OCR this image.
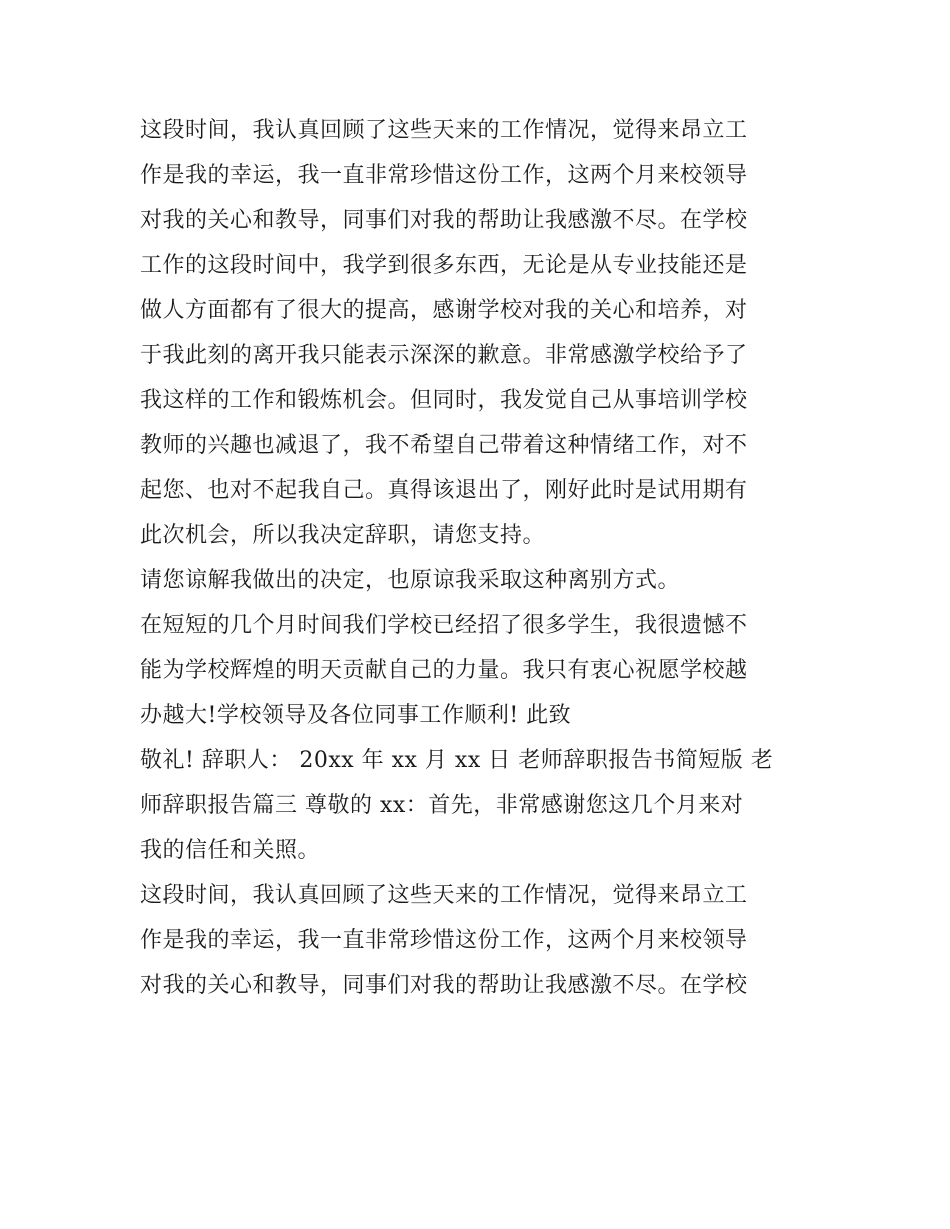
这段时间，我认真回顾了这些天来的工作情况，觉得来昂立工
作是我的幸运，我一直非常珍惜这份工作，这两个月来校领导
对我的关心和教导，同事们对我的帮助让我感激不尽。在学校
工作的这段时间中，我学到很多东西，无论是从专业技能还是
做人方面都有了很大的提高，感谢学校对我的关心和培养，对
于我此刻的离开我只能表示深深的歉意。非常感激学校给予了
我这样的工作和锻炼机会。但同时，我发觉自己从事培训学校
教师的兴趣也减退了，我不希望自己带着这种情绪工作，对不
起您、也对不起我自己。真得该退出了，刚好此时是试用期有
此次机会，所以我决定辞职，请您支持。
请您谅解我做出的决定，也原谅我采取这种离别方式。
在短短的几个月时间我们学校已经招了很多学生，我很遗憾不
能为学校辉煌的明天贡献自己的力量。我只有衷心祝愿学校越
办越大!学校领导及各位同事工作顺利! 此致
敬礼! 辞职人： 20xx 年 xx 月 xx 日 老师辞职报告书简短版 老
师辞职报告篇三 尊敬的 xx：首先，非常感谢您这几个月来对
我的信任和关照。
这段时间，我认真回顾了这些天来的工作情况，觉得来昂立工
作是我的幸运，我一直非常珍惜这份工作，这两个月来校领导
对我的关心和教导，同事们对我的帮助让我感激不尽。在学校
